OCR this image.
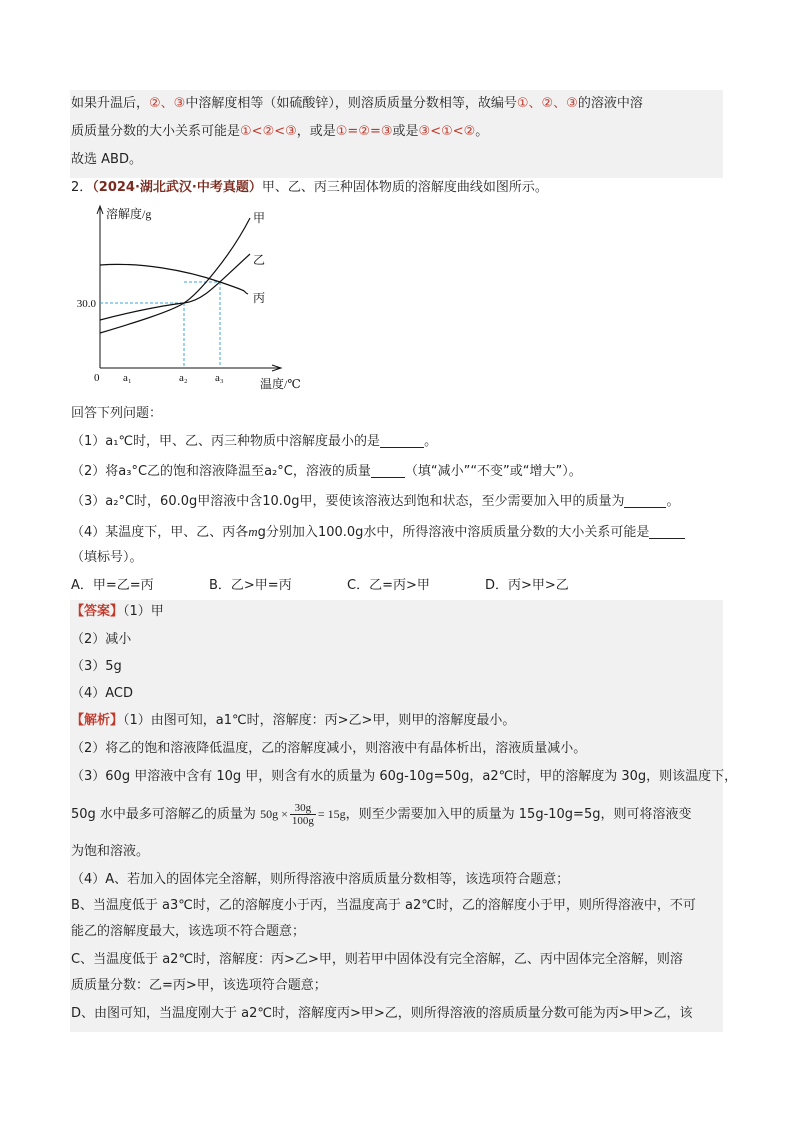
如果升温后，②、③中溶解度相等（如硫酸锌），则溶质质量分数相等，故编号①、②、③的溶液中溶
质质量分数的大小关系可能是①<②<③，或是①=②=③或是③<①<②。
故选 ABD。
2．（2024·湖北武汉·中考真题）甲、乙、丙三种固体物质的溶解度曲线如图所示。
溶解度/g
温度/℃
0 a₁	a₂ a₃
30.0
甲
乙
丙
回答下列问题：
（1）a₁℃时，甲、乙、丙三种物质中溶解度最小的是	。
（2）将a₃°C乙的饱和溶液降温至a₂°C，溶液的质量	（填“减小”“不变”或“增大”）。
（3）a₂°C时，60.0g甲溶液中含10.0g甲，要使该溶液达到饱和状态，至少需要加入甲的质量为	。
（4）某温度下，甲、乙、丙各mg分别加入100.0g水中，所得溶液中溶质质量分数的大小关系可能是
（填标号）。
A．甲=乙=丙	B．乙>甲=丙	C．乙=丙>甲	D．丙>甲>乙
【答案】（1）甲
（2）减小
（3）5g
（4）ACD
【解析】（1）由图可知，a1℃时，溶解度：丙>乙>甲，则甲的溶解度最小。
（2）将乙的饱和溶液降低温度，乙的溶解度减小，则溶液中有晶体析出，溶液质量减小。
（3）60g 甲溶液中含有 10g 甲，则含有水的质量为 60g-10g=50g，a2℃时，甲的溶解度为 30g，则该温度下，
50g 水中最多可溶解乙的质量为 $50g \times \frac{30g}{100g} = 15g$，则至少需要加入甲的质量为 15g-10g=5g，则可将溶液变
为饱和溶液。
（4）A、若加入的固体完全溶解，则所得溶液中溶质质量分数相等，该选项符合题意；
B、当温度低于 a3℃时，乙的溶解度小于丙，当温度高于 a2℃时，乙的溶解度小于甲，则所得溶液中，不可
能乙的溶解度最大，该选项不符合题意；
C、当温度低于 a2℃时，溶解度：丙>乙>甲，则若甲中固体没有完全溶解，乙、丙中固体完全溶解，则溶
质质量分数：乙=丙>甲，该选项符合题意；
D、由图可知，当温度刚大于 a2℃时，溶解度丙>甲>乙，则所得溶液的溶质质量分数可能为丙>甲>乙，该
